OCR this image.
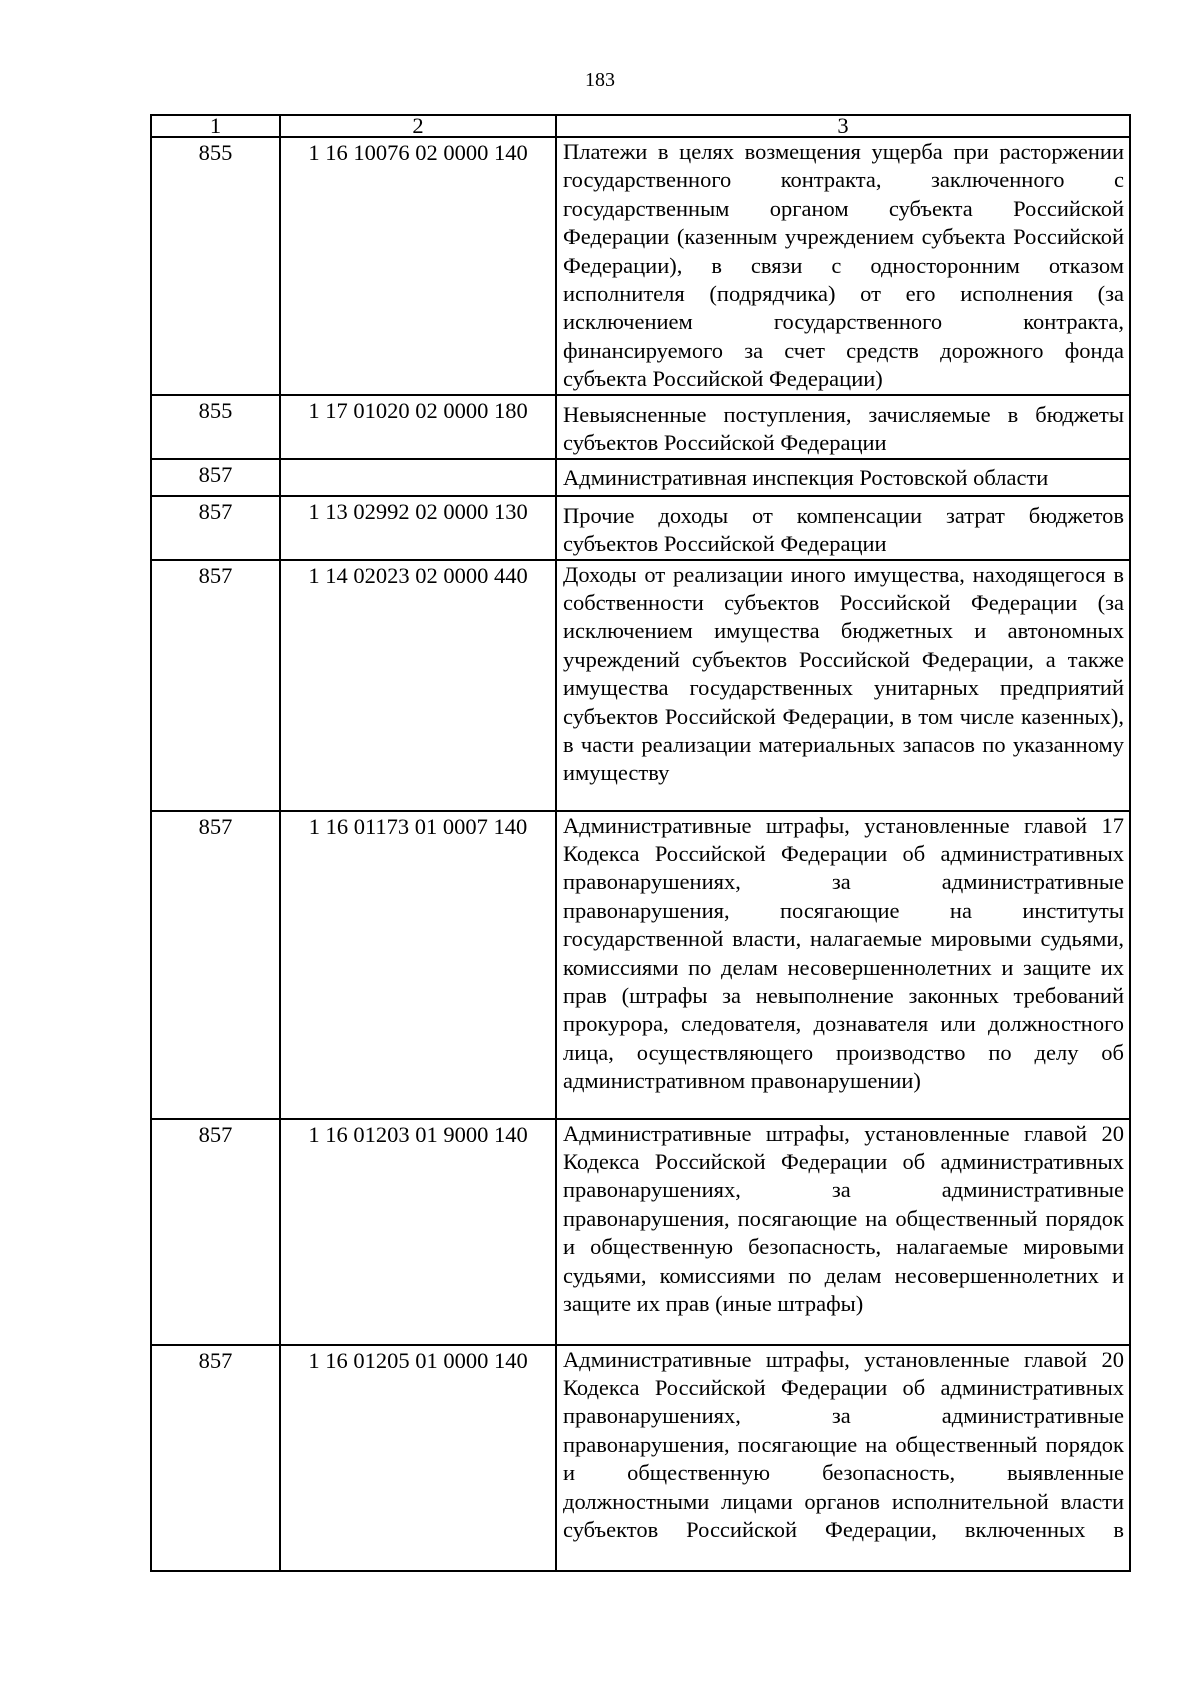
183
1	2	3
855	1 16 10076 02 0000 140	Платежи в целях возмещения ущерба при расторжении государственного контракта, заключенного с государственным органом субъекта Российской Федерации (казенным учреждением субъекта Российской Федерации), в связи с односторонним отказом исполнителя (подрядчика) от его исполнения (за исключением государственного контракта, финансируемого за счет средств дорожного фонда субъекта Российской Федерации)
855	1 17 01020 02 0000 180	Невыясненные поступления, зачисляемые в бюджеты субъектов Российской Федерации
857		Административная инспекция Ростовской области
857	1 13 02992 02 0000 130	Прочие доходы от компенсации затрат бюджетов субъектов Российской Федерации
857	1 14 02023 02 0000 440	Доходы от реализации иного имущества, находящегося в собственности субъектов Российской Федерации (за исключением имущества бюджетных и автономных учреждений субъектов Российской Федерации, а также имущества государственных унитарных предприятий субъектов Российской Федерации, в том числе казенных), в части реализации материальных запасов по указанному имуществу
857	1 16 01173 01 0007 140	Административные штрафы, установленные главой 17 Кодекса Российской Федерации об административных правонарушениях, за административные правонарушения, посягающие на институты государственной власти, налагаемые мировыми судьями, комиссиями по делам несовершеннолетних и защите их прав (штрафы за невыполнение законных требований прокурора, следователя, дознавателя или должностного лица, осуществляющего производство по делу об административном правонарушении)
857	1 16 01203 01 9000 140	Административные штрафы, установленные главой 20 Кодекса Российской Федерации об административных правонарушениях, за административные правонарушения, посягающие на общественный порядок и общественную безопасность, налагаемые мировыми судьями, комиссиями по делам несовершеннолетних и защите их прав (иные штрафы)
857	1 16 01205 01 0000 140	Административные штрафы, установленные главой 20 Кодекса Российской Федерации об административных правонарушениях, за административные правонарушения, посягающие на общественный порядок и общественную безопасность, выявленные должностными лицами органов исполнительной власти субъектов Российской Федерации, включенных в
